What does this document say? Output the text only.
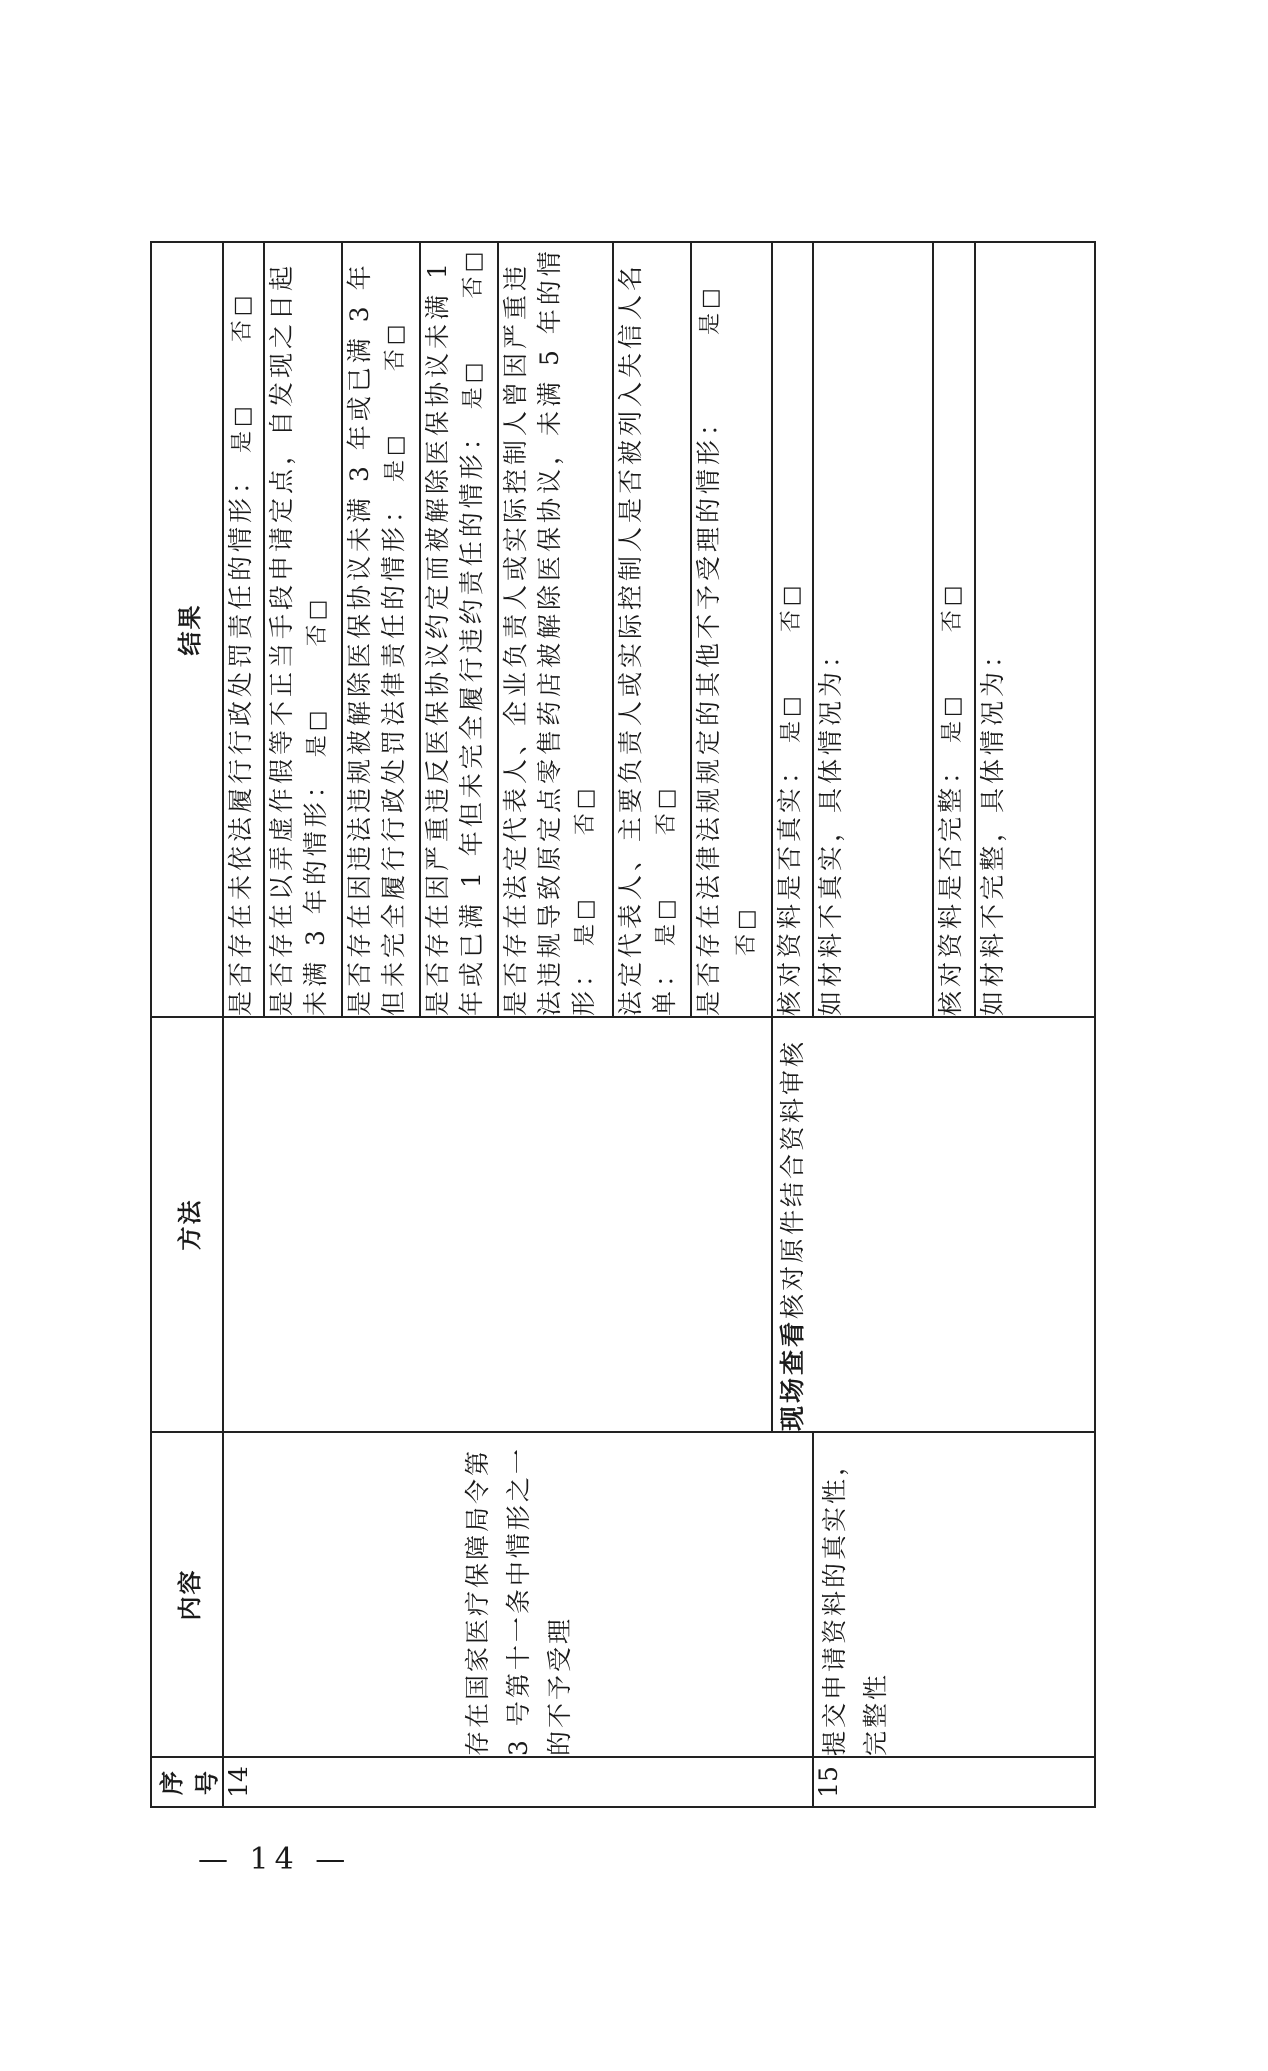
序号	内容	方法	结果
14	存在国家医疗保障局令第 3 号第十一条中情形之一的不予受理		是否存在未依法履行行政处罚责任的情形： 是□否□
			是否存在以弄虚作假等不正当手段申请定点，自发现之日起未满 3 年的情形： 是□否□
			是否存在因违法违规被解除医保协议未满 3 年或已满 3 年但未完全履行行政处罚法律责任的情形： 是□否□
			是否存在因严重违反医保协议约定而被解除医保协议未满 1 年或已满 1 年但未完全履行违约责任的情形： 是□否□
			是否存在法定代表人、企业负责人或实际控制人曾因严重违法违规导致原定点零售药店被解除医保协议，未满 5 年的情形： 是□否□
			法定代表人、主要负责人或实际控制人是否被列入失信人名单： 是□否□
			是否存在法律法规规定的其他不予受理的情形： 是□否□
		现场查看核对原件结合资料审核	核对资料是否真实： 是□否□
15	提交申请资料的真实性，完整性		如材料不真实，具体情况为：
			核对资料是否完整： 是□否□
			如材料不完整，具体情况为：
— 14 —
